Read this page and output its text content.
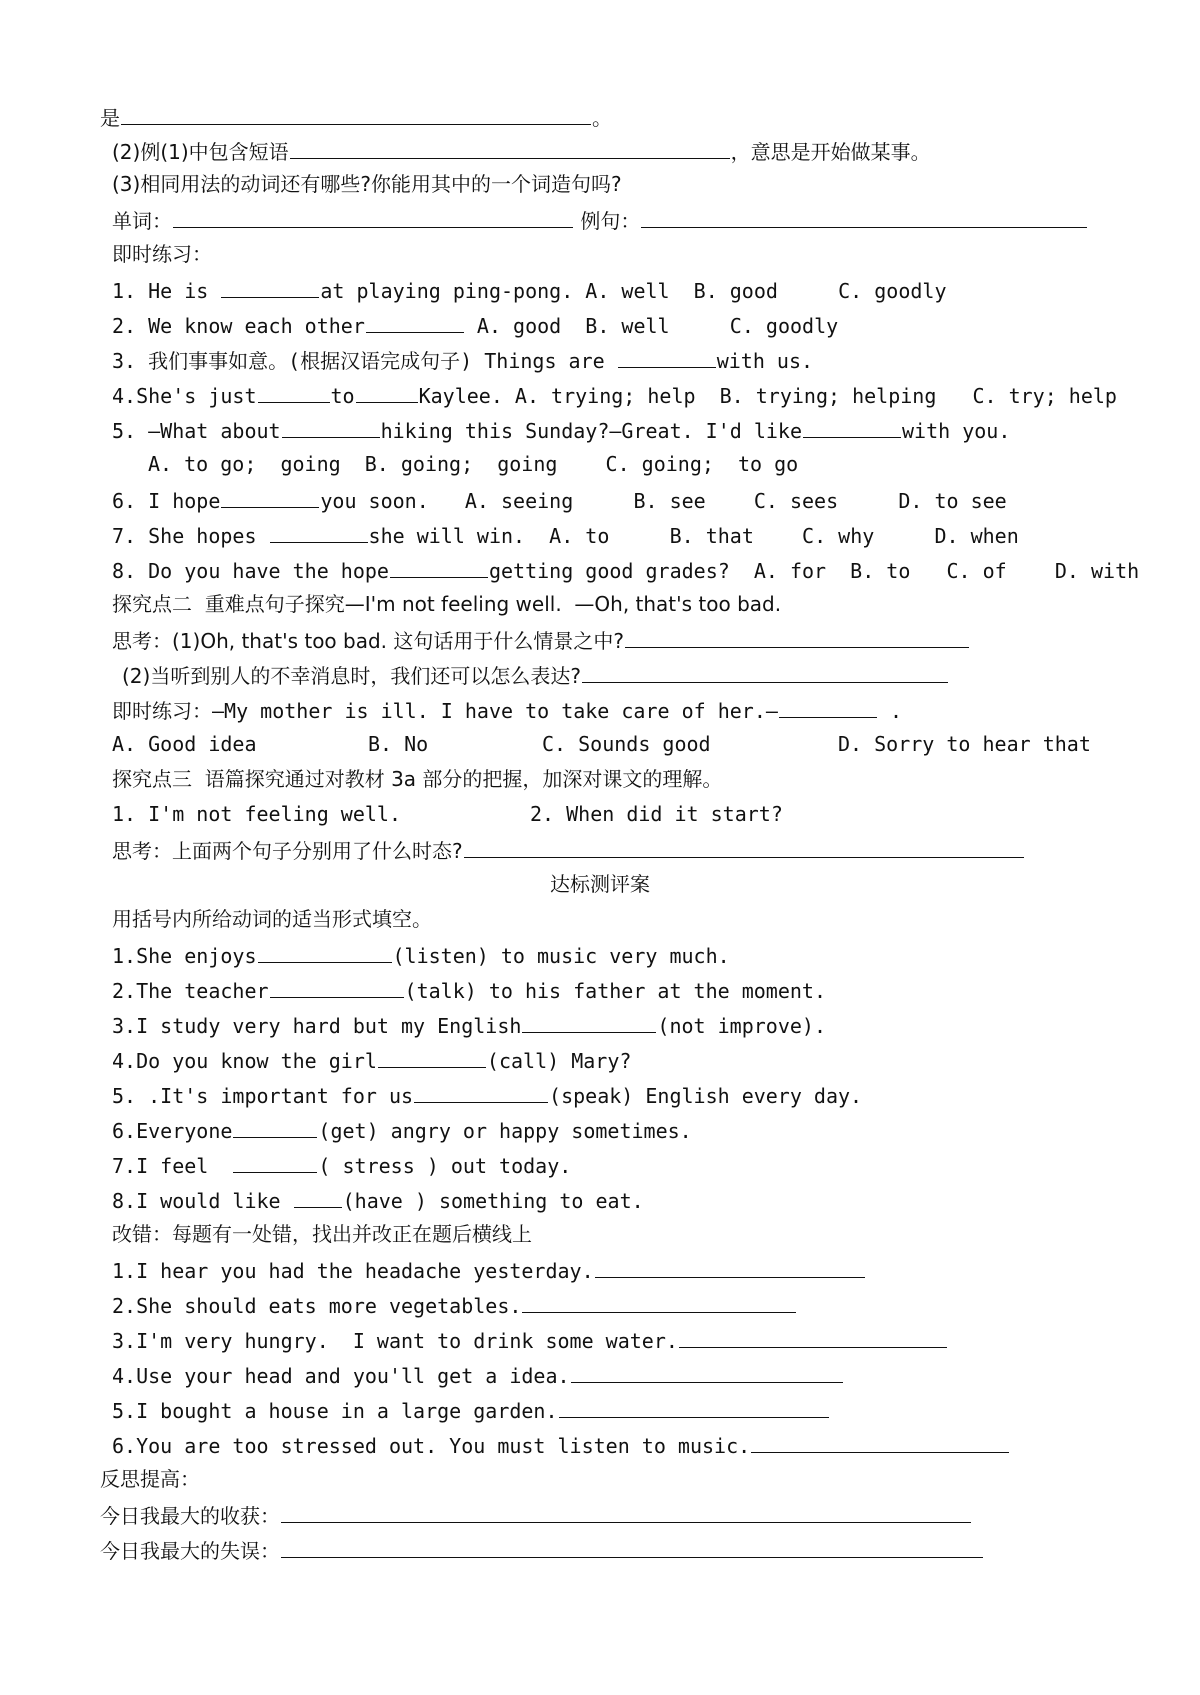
是	。
(2)例(1)中包含短语	，意思是开始做某事。
(3)相同用法的动词还有哪些?你能用其中的一个词造句吗?
单词：	例句：
即时练习：
1. He is	at playing ping-pong. A. well  B. good     C. goodly
2. We know each other	A. good  B. well     C. goodly
3. 我们事事如意。(根据汉语完成句子) Things are	with us.
4.She's just	to	Kaylee. A. trying; help  B. trying; helping   C. try; help
5. —What about	hiking this Sunday?—Great. I'd like	with you.
A. to go;  going  B. going;  going    C. going;  to go
6. I hope	you soon.   A. seeing     B. see    C. sees     D. to see
7. She hopes	she will win.  A. to     B. that    C. why     D. when
8. Do you have the hope	getting good grades?  A. for  B. to   C. of    D. with
探究点二  重难点句子探究—I'm not feeling well.  —Oh, that's too bad.
思考：(1)Oh, that's too bad. 这句话用于什么情景之中?
(2)当听到别人的不幸消息时，我们还可以怎么表达?
即时练习：—My mother is ill. I have to take care of her.—	.
A. Good idea	B. No	C. Sounds good	D. Sorry to hear that
探究点三  语篇探究通过对教材 3a 部分的把握，加深对课文的理解。
1. I'm not feeling well.	2. When did it start?
思考：上面两个句子分别用了什么时态?
达标测评案
用括号内所给动词的适当形式填空。
1.She enjoys	(listen) to music very much.
2.The teacher	(talk) to his father at the moment.
3.I study very hard but my English	(not improve).
4.Do you know the girl	(call) Mary?
5. .It's important for us	(speak) English every day.
6.Everyone	(get) angry or happy sometimes.
7.I feel	( stress ) out today.
8.I would like	(have ) something to eat.
改错：每题有一处错，找出并改正在题后横线上
1.I hear you had the headache yesterday.
2.She should eats more vegetables.
3.I'm very hungry.  I want to drink some water.
4.Use your head and you'll get a idea.
5.I bought a house in a large garden.
6.You are too stressed out. You must listen to music.
反思提高：
今日我最大的收获：
今日我最大的失误：
